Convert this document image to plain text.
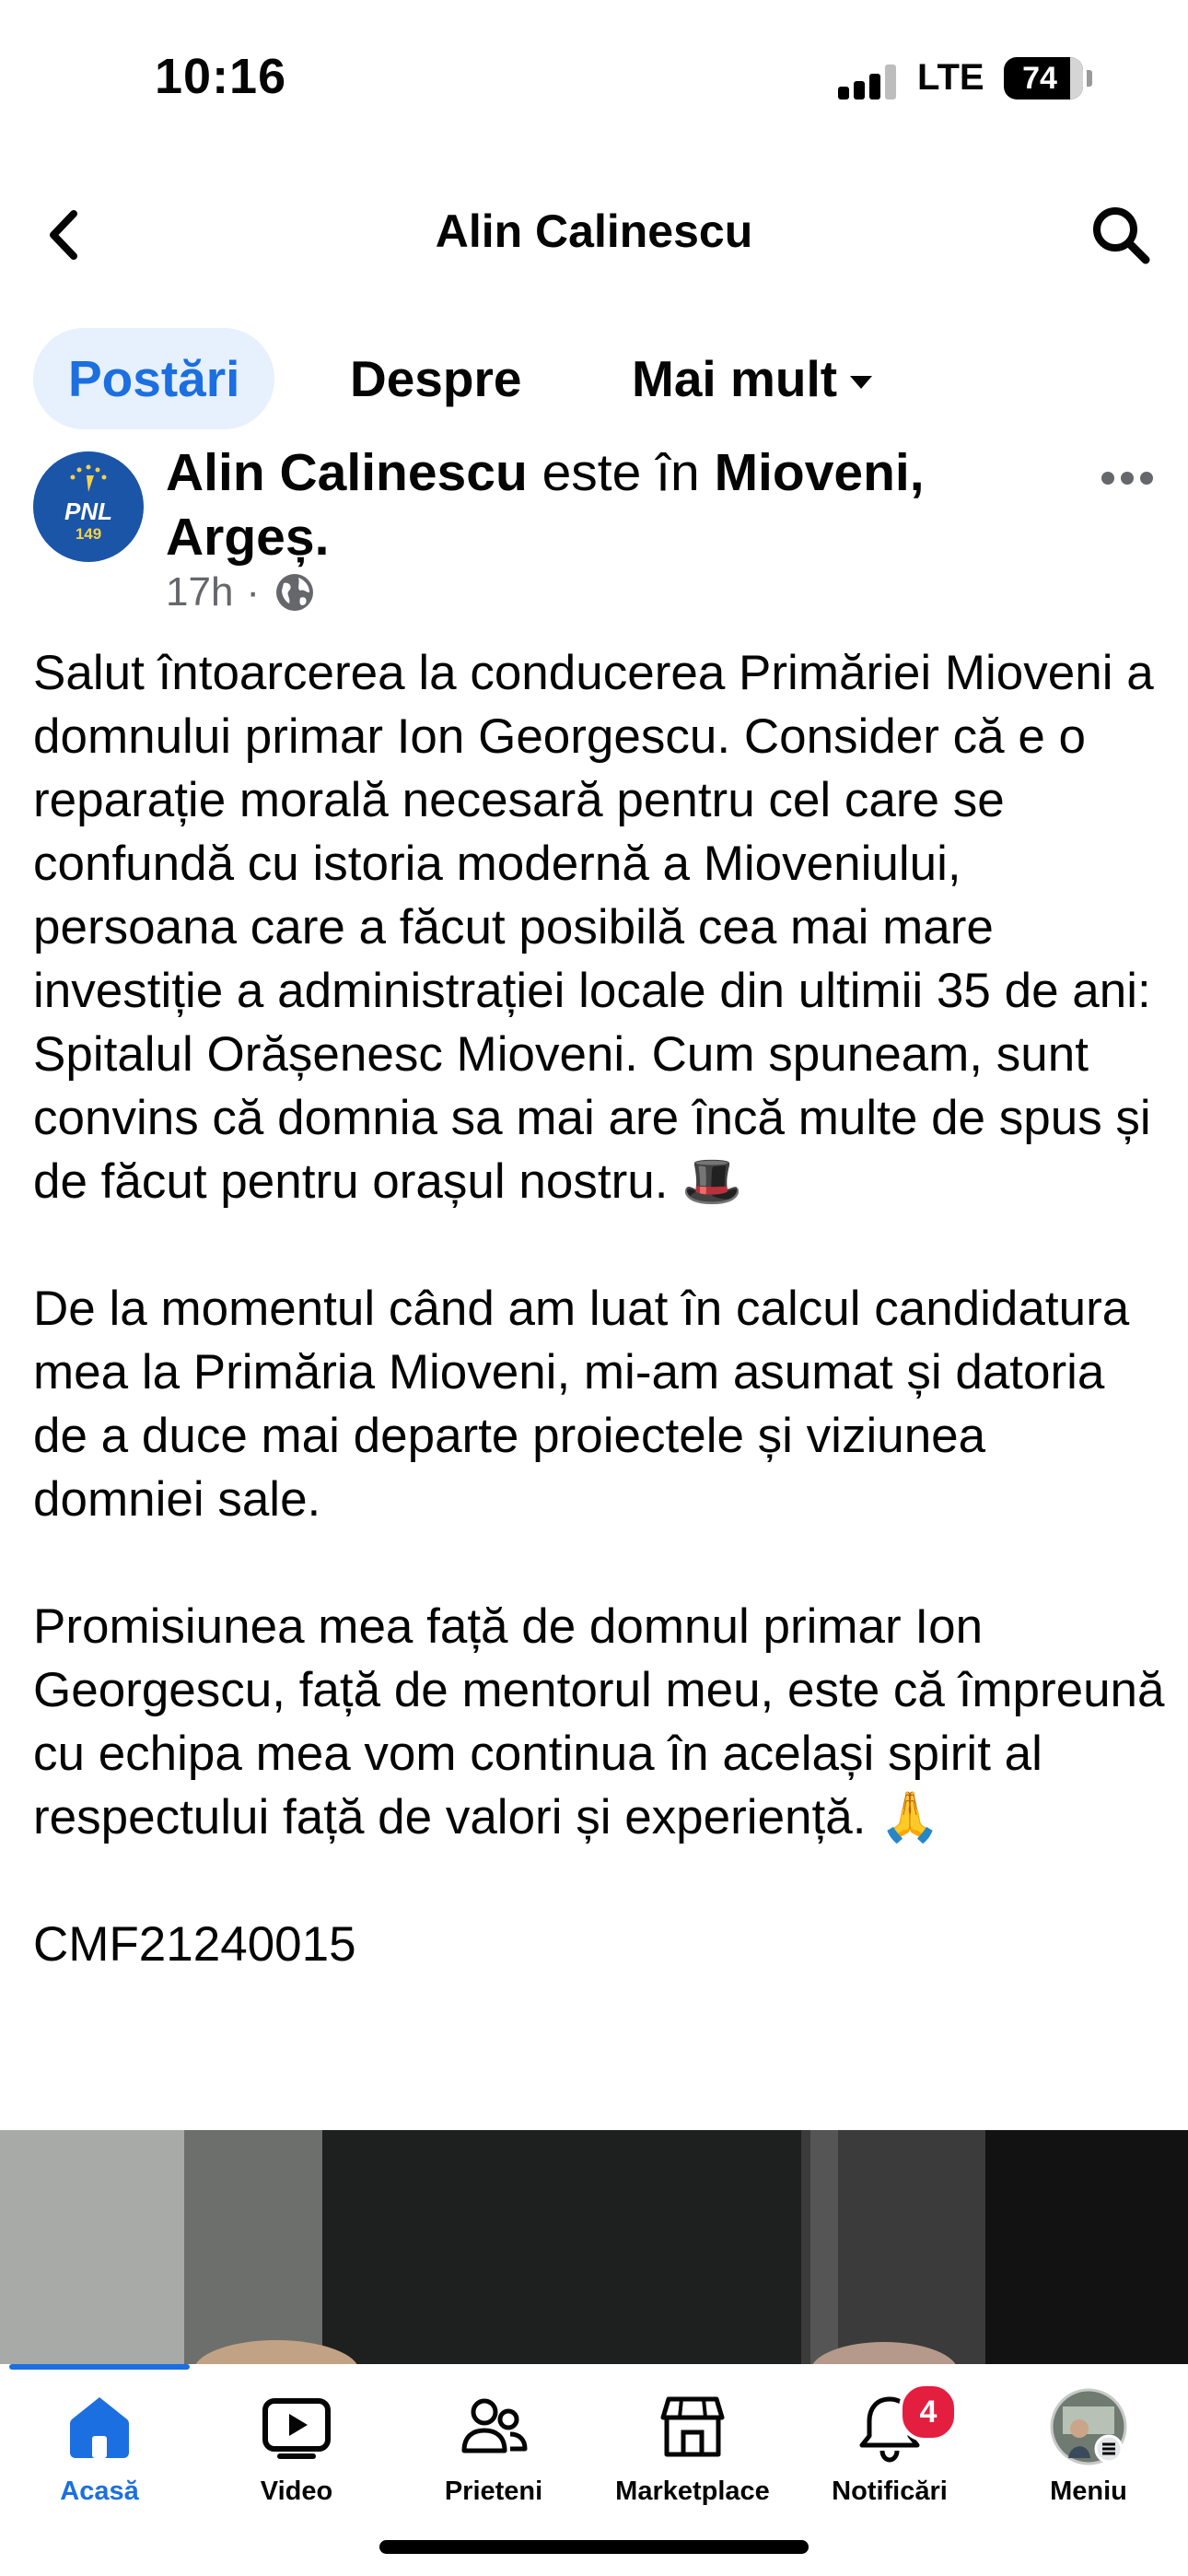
10:16	LTE	74
Alin Calinescu
Postări	Despre Mai mult
PNL
149
Alin Calinescu este în Mioveni, Argeș.
17h ·

Salut întoarcerea la conducerea Primăriei Mioveni a domnului primar Ion Georgescu. Consider că e o reparație morală necesară pentru cel care se confundă cu istoria modernă a Mioveniului, persoana care a făcut posibilă cea mai mare investiție a administrației locale din ultimii 35 de ani: Spitalul Orășenesc Mioveni. Cum spuneam, sunt convins că domnia sa mai are încă multe de spus și de făcut pentru orașul nostru. 🎩

De la momentul când am luat în calcul candidatura mea la Primăria Mioveni, mi-am asumat și datoria de a duce mai departe proiectele și viziunea domniei sale.

Promisiunea mea față de domnul primar Ion Georgescu, față de mentorul meu, este că împreună cu echipa mea vom continua în același spirit al respectului față de valori și experiență. 🙏

CMF21240015

Acasă	Video	Prieteni	Marketplace
4
Notificări	Meniu
